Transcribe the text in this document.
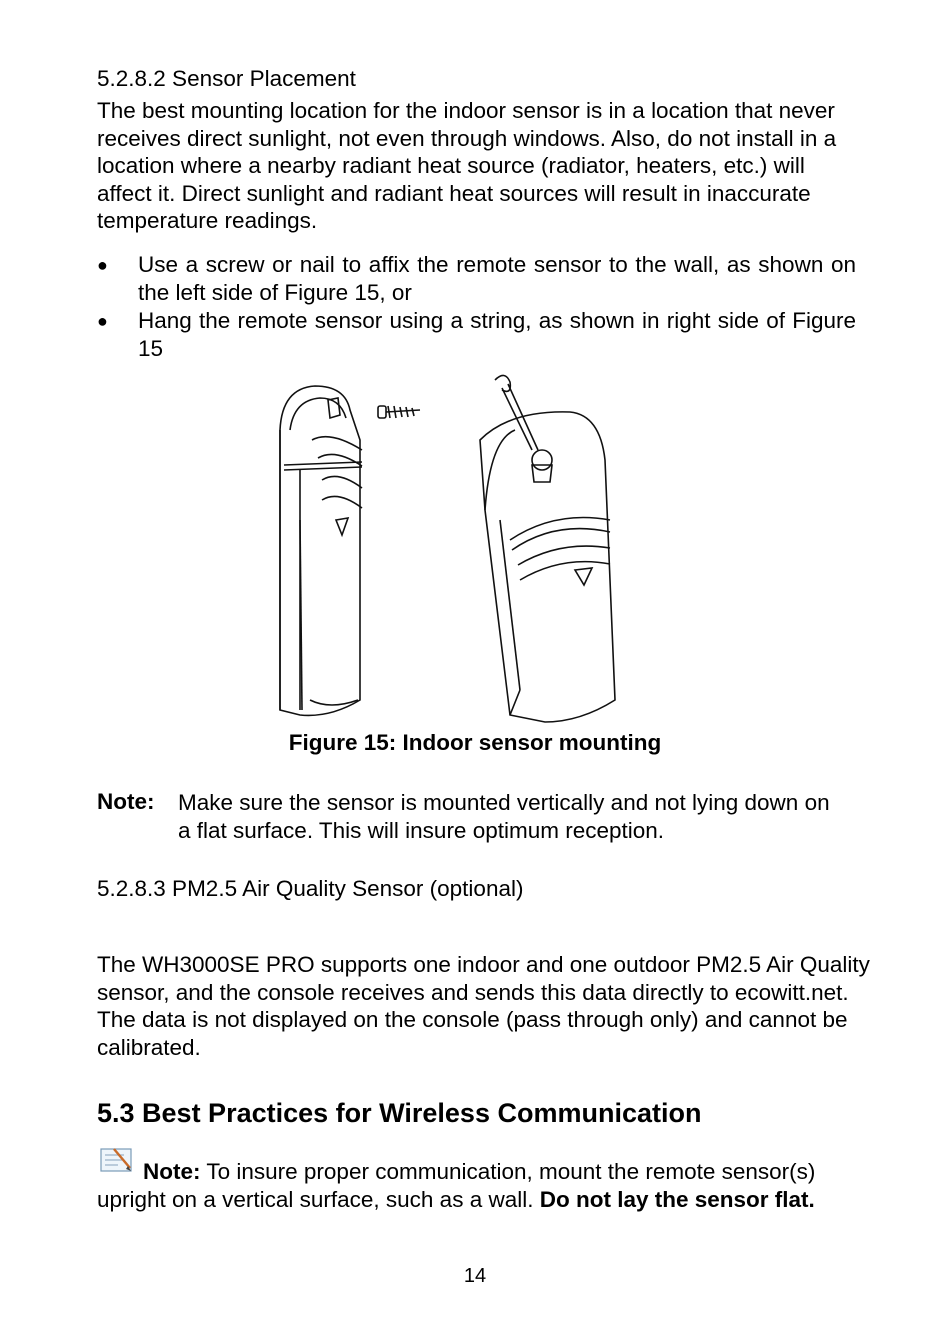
5.2.8.2 Sensor Placement
The best mounting location for the indoor sensor is in a location that never receives direct sunlight, not even through windows. Also, do not install in a location where a nearby radiant heat source (radiator, heaters, etc.) will affect it. Direct sunlight and radiant heat sources will result in inaccurate temperature readings.
● Use a screw or nail to affix the remote sensor to the wall, as shown on the left side of Figure 15, or
● Hang the remote sensor using a string, as shown in right side of Figure 15
Figure 15: Indoor sensor mounting
Note: Make sure the sensor is mounted vertically and not lying down on a flat surface. This will insure optimum reception.
5.2.8.3 PM2.5 Air Quality Sensor (optional)
The WH3000SE PRO supports one indoor and one outdoor PM2.5 Air Quality sensor, and the console receives and sends this data directly to ecowitt.net. The data is not displayed on the console (pass through only) and cannot be calibrated.
5.3 Best Practices for Wireless Communication
Note: To insure proper communication, mount the remote sensor(s) upright on a vertical surface, such as a wall. Do not lay the sensor flat.
14
